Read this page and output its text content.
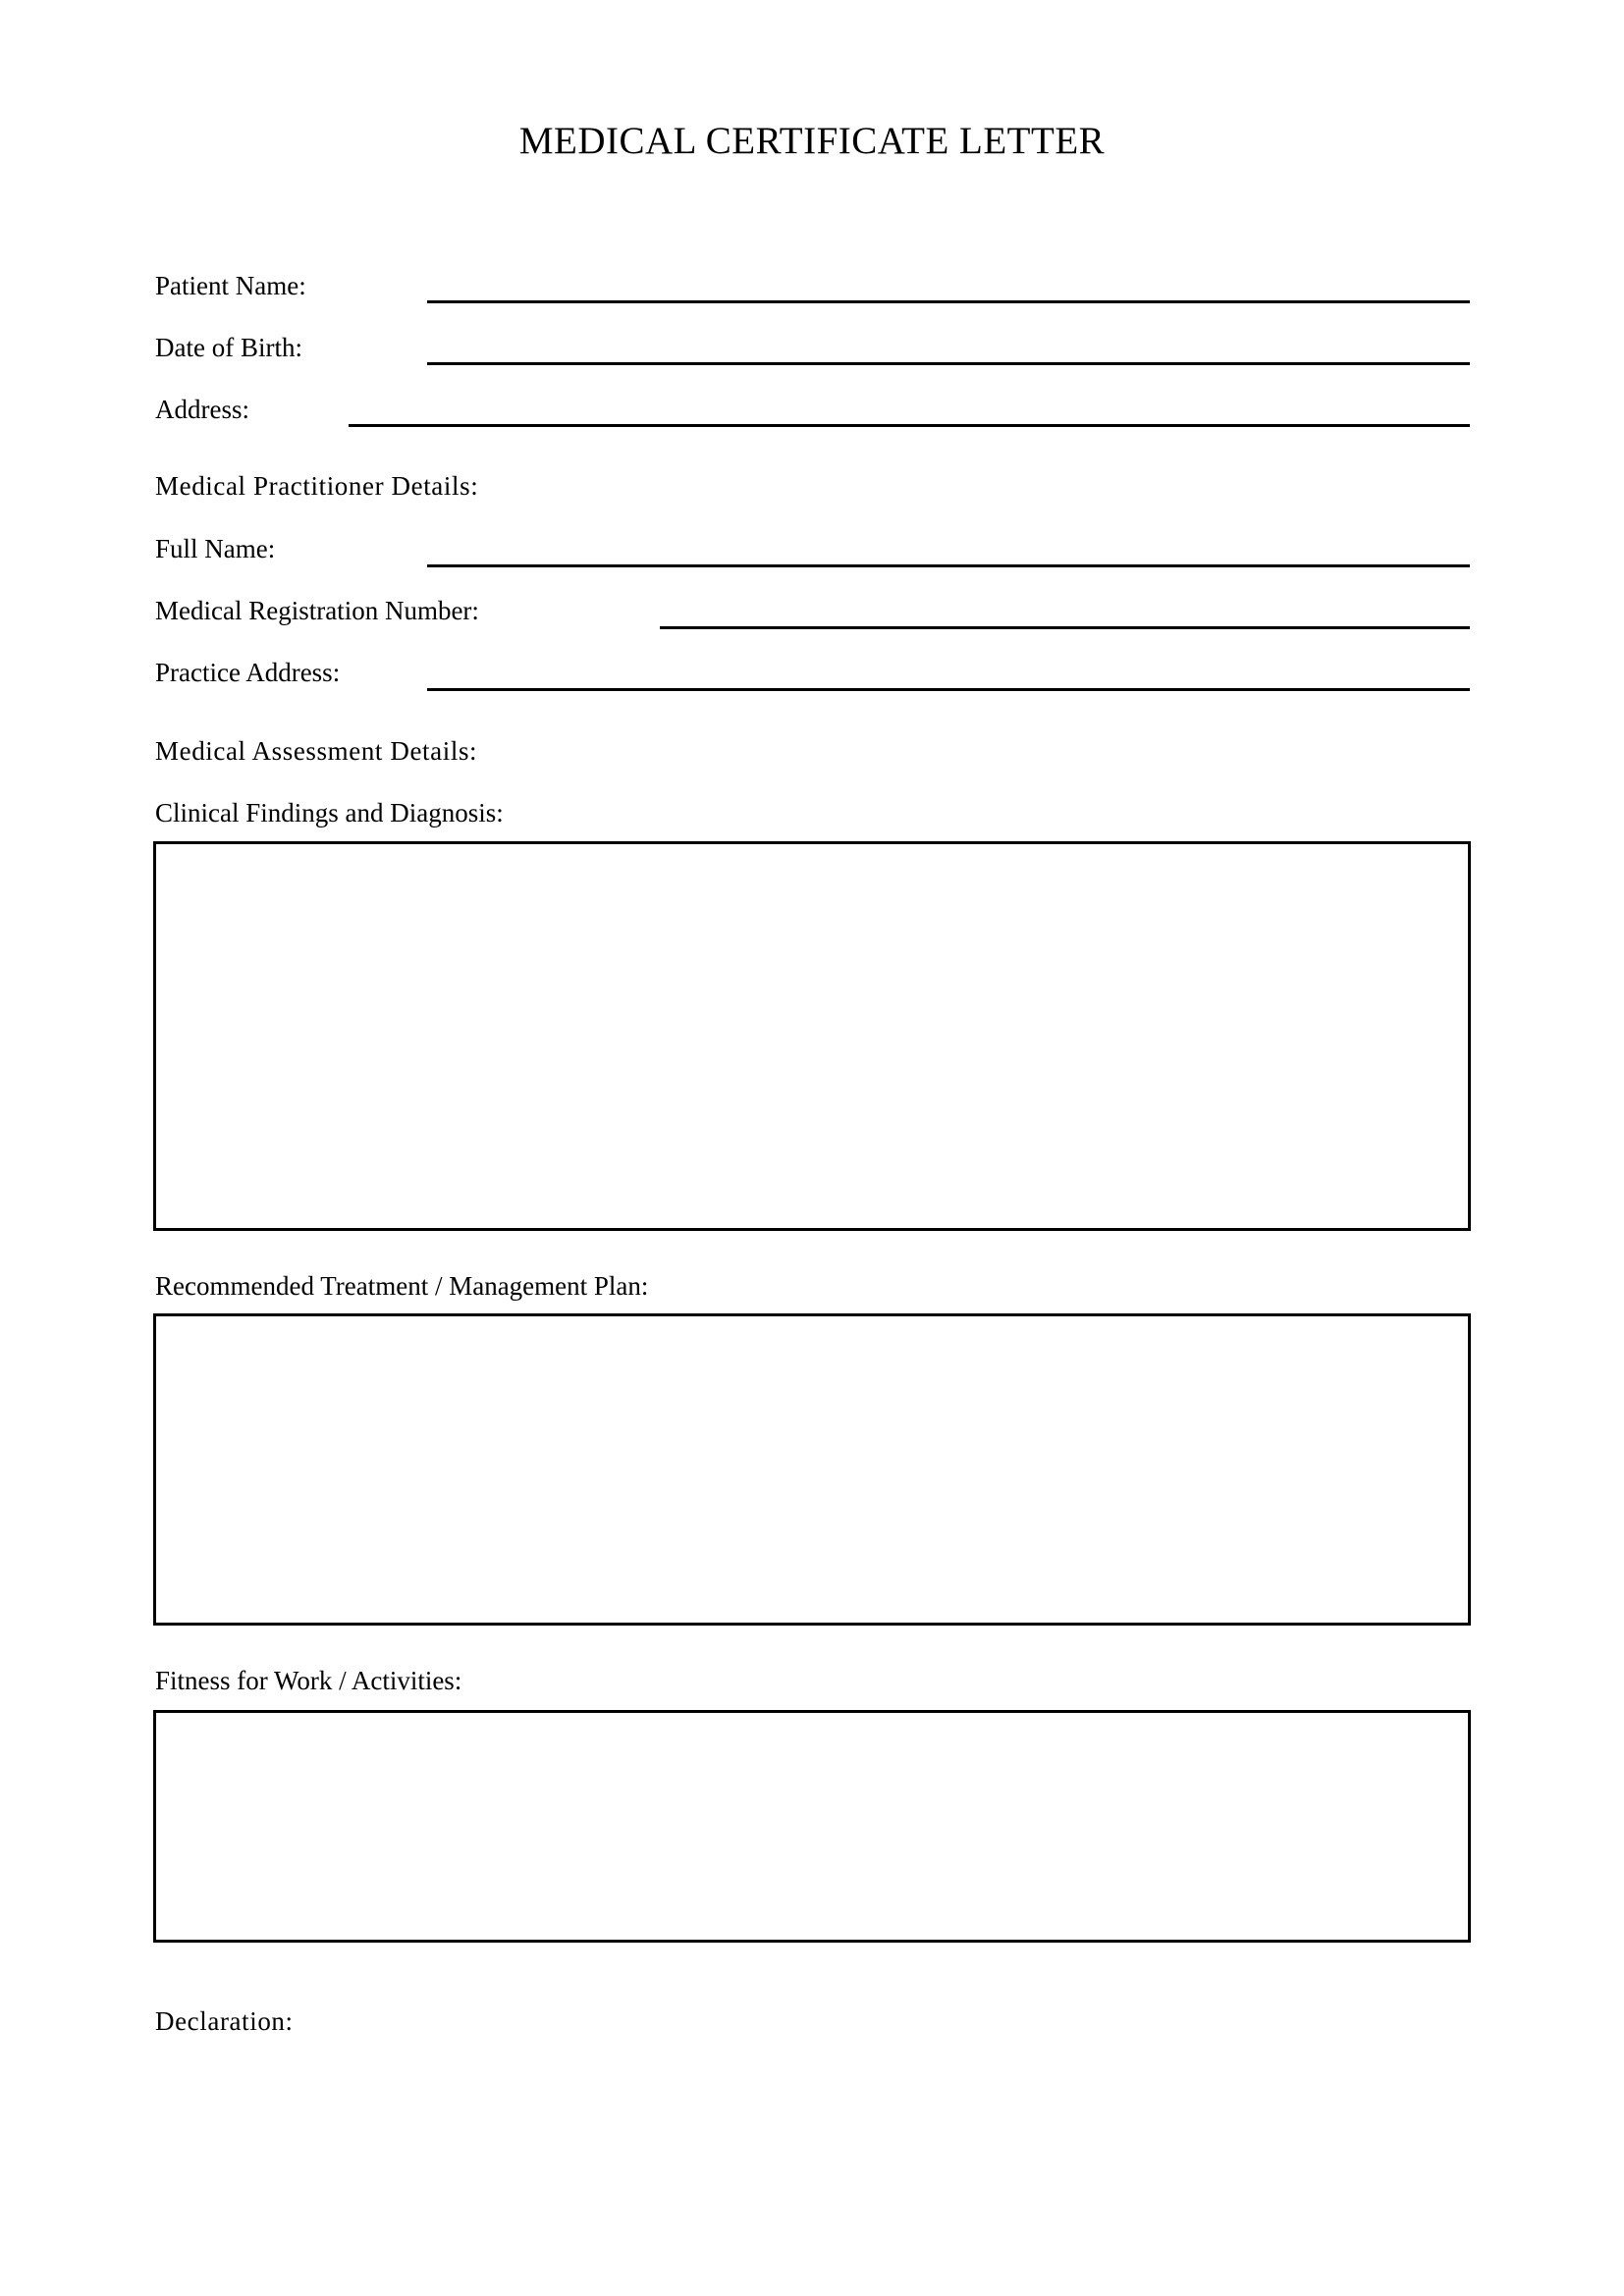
MEDICAL CERTIFICATE LETTER
Patient Name:
Date of Birth:
Address:
Medical Practitioner Details:
Full Name:
Medical Registration Number:
Practice Address:
Medical Assessment Details:
Clinical Findings and Diagnosis:
Recommended Treatment / Management Plan:
Fitness for Work / Activities:
Declaration:
